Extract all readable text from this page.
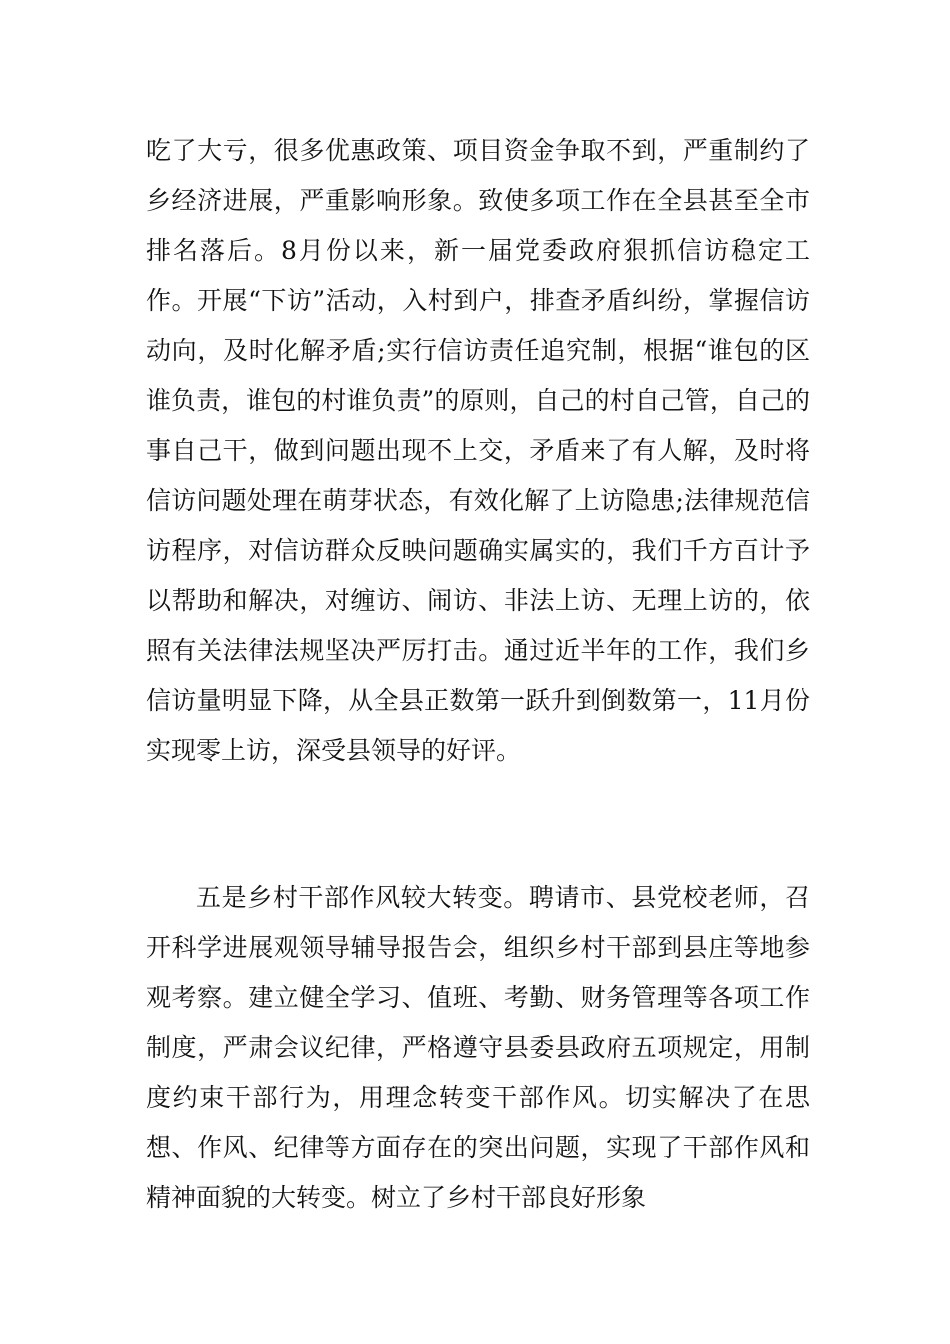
吃了大亏，很多优惠政策、项目资金争取不到，严重制约了乡经济进展，严重影响形象。致使多项工作在全县甚至全市排名落后。8月份以来，新一届党委政府狠抓信访稳定工作。开展“下访”活动，入村到户，排查矛盾纠纷，掌握信访动向，及时化解矛盾;实行信访责任追究制，根据“谁包的区谁负责，谁包的村谁负责”的原则，自己的村自己管，自己的事自己干，做到问题出现不上交，矛盾来了有人解，及时将信访问题处理在萌芽状态，有效化解了上访隐患;法律规范信访程序，对信访群众反映问题确实属实的，我们千方百计予以帮助和解决，对缠访、闹访、非法上访、无理上访的，依照有关法律法规坚决严厉打击。通过近半年的工作，我们乡信访量明显下降，从全县正数第一跃升到倒数第一，11月份实现零上访，深受县领导的好评。

五是乡村干部作风较大转变。聘请市、县党校老师，召开科学进展观领导辅导报告会，组织乡村干部到县庄等地参观考察。建立健全学习、值班、考勤、财务管理等各项工作制度，严肃会议纪律，严格遵守县委县政府五项规定，用制度约束干部行为，用理念转变干部作风。切实解决了在思想、作风、纪律等方面存在的突出问题，实现了干部作风和精神面貌的大转变。树立了乡村干部良好形象
